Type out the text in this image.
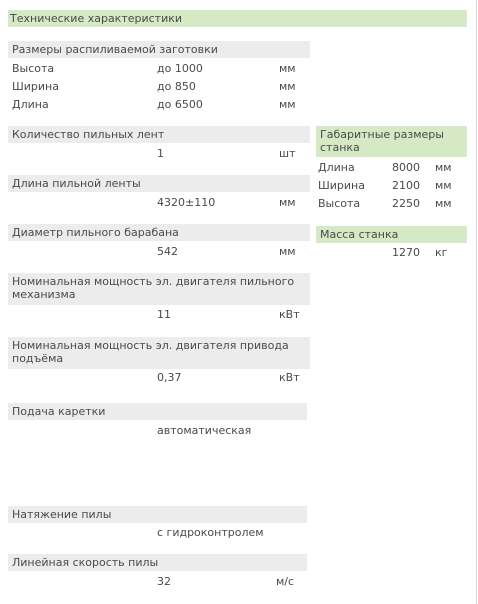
Технические характеристики
Размеры распиливаемой заготовки
Высота	до 1000	мм
Ширина	до 850	мм
Длина	до 6500	мм
Количество пильных лент
1	шт
Длина пильной ленты
4320±110	мм
Диаметр пильного барабана
542	мм
Номинальная мощность эл. двигателя пильного механизма
11	кВт
Номинальная мощность эл. двигателя привода подъёма
0,37	кВт
Подача каретки
автоматическая
Натяжение пилы
с гидроконтролем
Линейная скорость пилы
32	м/с
Габаритные размеры станка
Длина	8000 мм
Ширина 2100 мм
Высота	2250 мм
Масса станка
1270 кг
